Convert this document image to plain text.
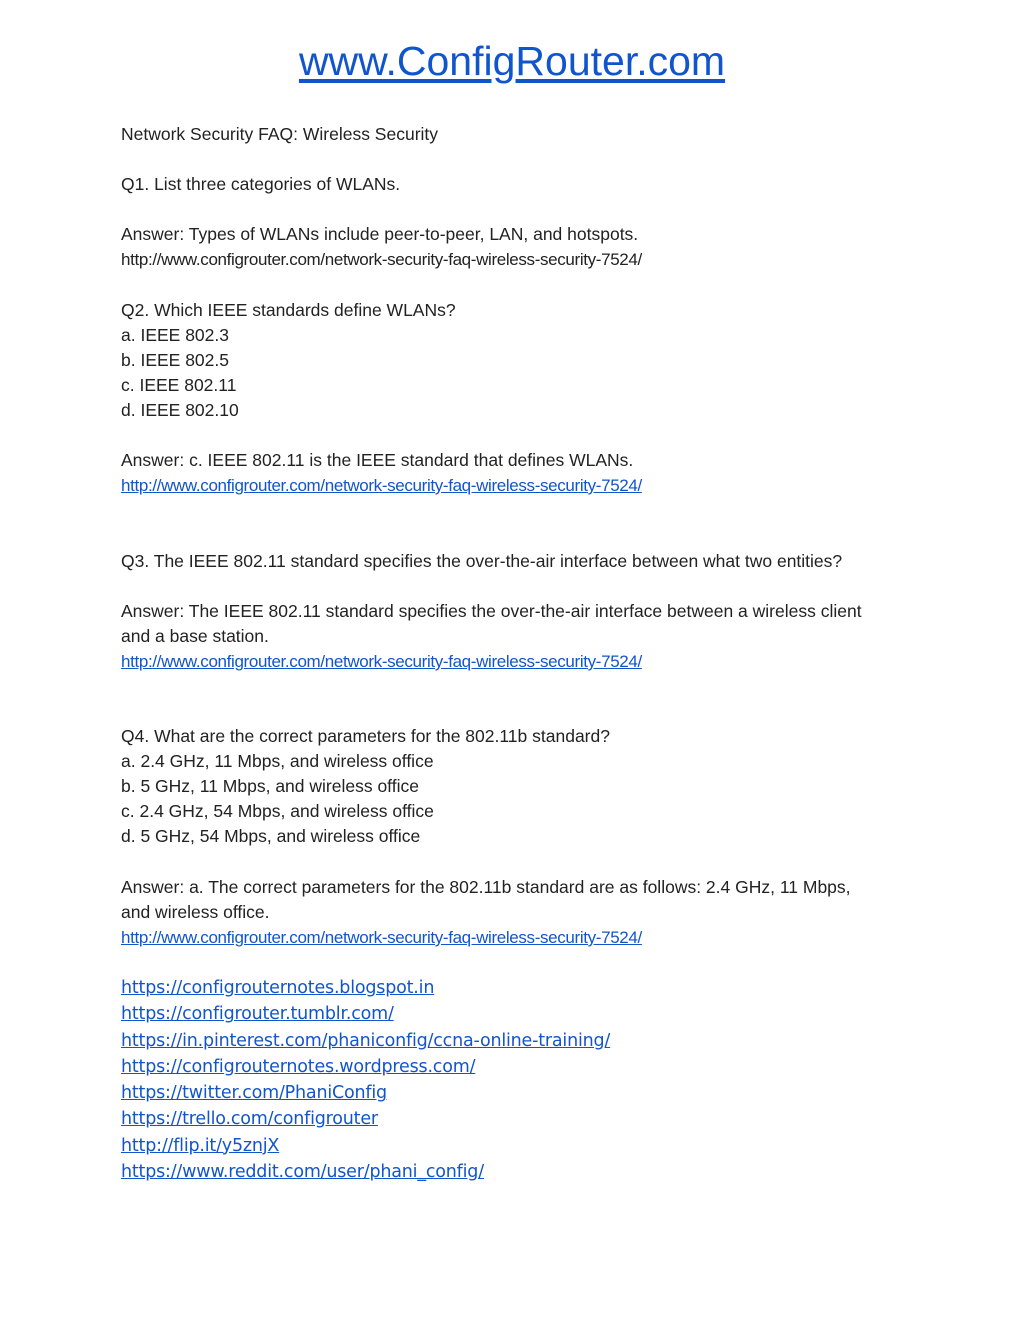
www.ConfigRouter.com
Network Security FAQ: Wireless Security
Q1. List three categories of WLANs.
Answer: Types of WLANs include peer-to-peer, LAN, and hotspots.
http://www.configrouter.com/network-security-faq-wireless-security-7524/
Q2. Which IEEE standards define WLANs?
a. IEEE 802.3
b. IEEE 802.5
c. IEEE 802.11
d. IEEE 802.10
Answer: c. IEEE 802.11 is the IEEE standard that defines WLANs.
http://www.configrouter.com/network-security-faq-wireless-security-7524/
Q3. The IEEE 802.11 standard specifies the over-the-air interface between what two entities?
Answer: The IEEE 802.11 standard specifies the over-the-air interface between a wireless client
and a base station.
http://www.configrouter.com/network-security-faq-wireless-security-7524/
Q4. What are the correct parameters for the 802.11b standard?
a. 2.4 GHz, 11 Mbps, and wireless office
b. 5 GHz, 11 Mbps, and wireless office
c. 2.4 GHz, 54 Mbps, and wireless office
d. 5 GHz, 54 Mbps, and wireless office
Answer: a. The correct parameters for the 802.11b standard are as follows: 2.4 GHz, 11 Mbps,
and wireless office.
http://www.configrouter.com/network-security-faq-wireless-security-7524/
https://configrouternotes.blogspot.in
https://configrouter.tumblr.com/
https://in.pinterest.com/phaniconfig/ccna-online-training/
https://configrouternotes.wordpress.com/
https://twitter.com/PhaniConfig
https://trello.com/configrouter
http://flip.it/y5znjX
https://www.reddit.com/user/phani_config/
